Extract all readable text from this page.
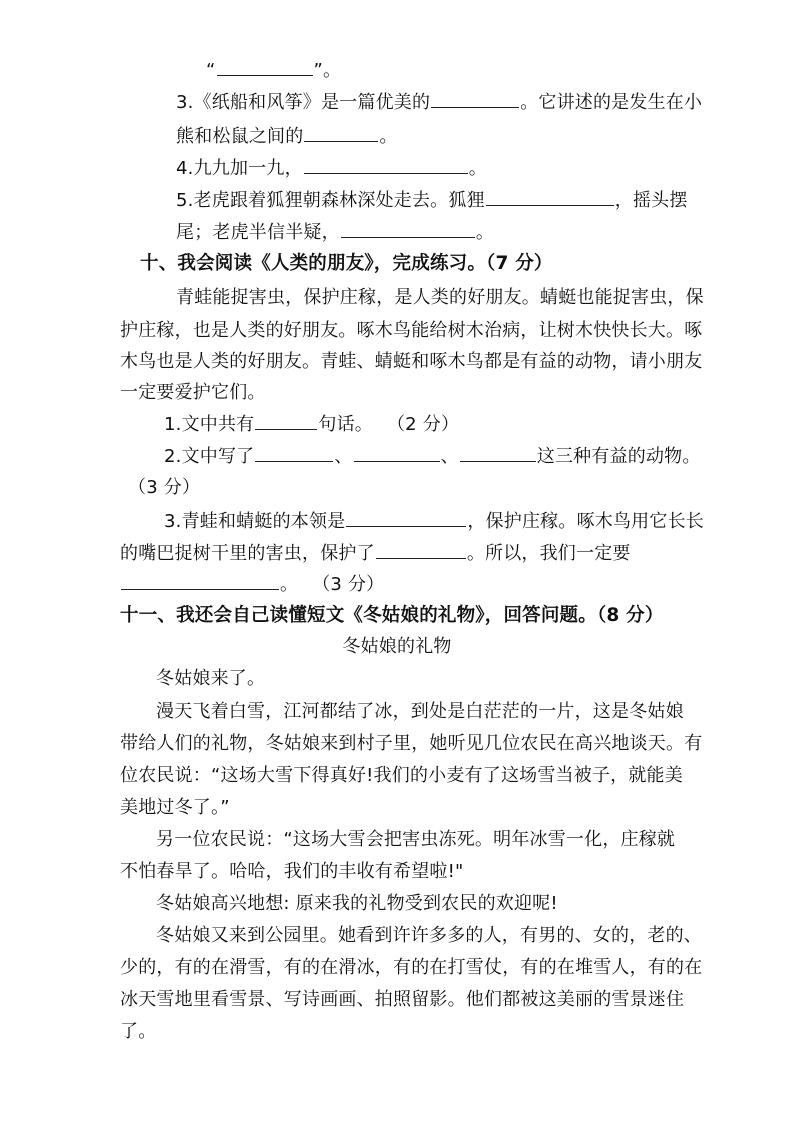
“	”。
3.《纸船和风筝》是一篇优美的	。它讲述的是发生在小
熊和松鼠之间的	。
4.九九加一九，	。
5.老虎跟着狐狸朝森林深处走去。狐狸	，摇头摆
尾；老虎半信半疑，	。
十、我会阅读《人类的朋友》，完成练习。（7 分）
青蛙能捉害虫，保护庄稼，是人类的好朋友。蜻蜓也能捉害虫，保
护庄稼，也是人类的好朋友。啄木鸟能给树木治病，让树木快快长大。啄
木鸟也是人类的好朋友。青蛙、蜻蜓和啄木鸟都是有益的动物，请小朋友
一定要爱护它们。
1.文中共有	句话。 （2 分）
2.文中写了	、	、	这三种有益的动物。
（3 分）
3.青蛙和蜻蜓的本领是	，保护庄稼。啄木鸟用它长长
的嘴巴捉树干里的害虫，保护了	。所以，我们一定要
。 （3 分）
十一、我还会自己读懂短文《冬姑娘的礼物》，回答问题。（8 分）
冬姑娘的礼物
冬姑娘来了。
漫天飞着白雪，江河都结了冰，到处是白茫茫的一片，这是冬姑娘
带给人们的礼物，冬姑娘来到村子里，她听见几位农民在高兴地谈天。有
位农民说：“这场大雪下得真好!我们的小麦有了这场雪当被子，就能美
美地过冬了。”
另一位农民说：“这场大雪会把害虫冻死。明年冰雪一化，庄稼就
不怕春旱了。哈哈，我们的丰收有希望啦!"
冬姑娘高兴地想: 原来我的礼物受到农民的欢迎呢!
冬姑娘又来到公园里。她看到许许多多的人，有男的、女的，老的、
少的，有的在滑雪，有的在滑冰，有的在打雪仗，有的在堆雪人，有的在
冰天雪地里看雪景、写诗画画、拍照留影。他们都被这美丽的雪景迷住
了。
